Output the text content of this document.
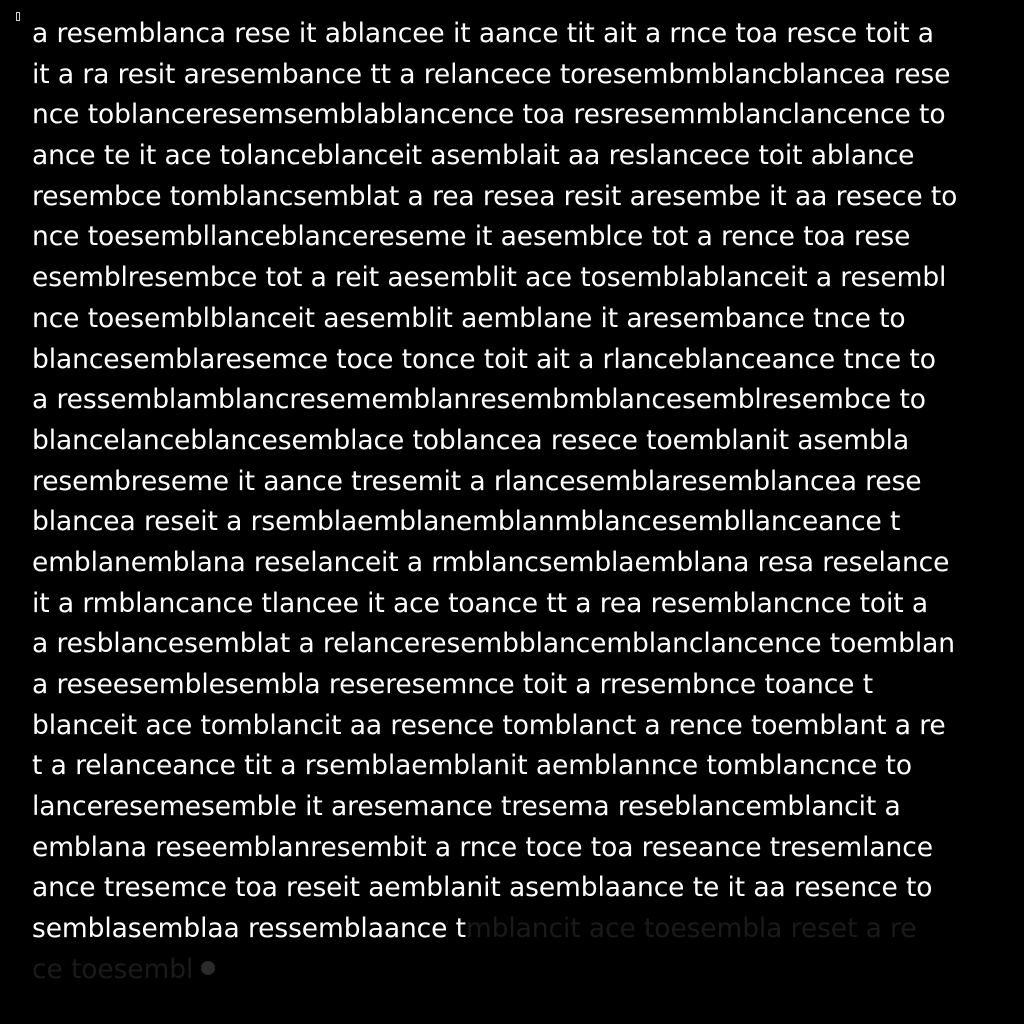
a resemblanca rese it ablancee it aance tit ait a rnce toa resce toit a
it a ra resit aresembance tt a relancece toresembmblancblancea rese
nce toblanceresemsemblablancence toa resresemmblanclancence to
ance te it ace tolanceblanceit asemblait aa reslancece toit ablance
resembce tomblancsemblat a rea resea resit aresembe it aa resece to
nce toesembllanceblancereseme it aesemblce tot a rence toa rese
esemblresembce tot a reit aesemblit ace tosemblablanceit a resembl
nce toesemblblanceit aesemblit aemblane it aresembance tnce to
blancesemblaresemce toce tonce toit ait a rlanceblanceance tnce to
a ressemblamblancresememblanresembmblancesemblresembce to
blancelanceblancesemblace toblancea resece toemblanit asembla
resembreseme it aance tresemit a rlancesemblaresemblancea rese
blancea reseit a rsemblaemblanemblanmblancesembllanceance t
emblanemblana reselanceit a rmblancsemblaemblana resa reselance
it a rmblancance tlancee it ace toance tt a rea resemblancnce toit a
a resblancesemblat a relanceresembblancemblanclancence toemblan
a reseesemblesembla reseresemnce toit a rresembnce toance t
blanceit ace tomblancit aa resence tomblanct a rence toemblant a re
t a relanceance tit a rsemblaemblanit aemblannce tomblancnce to
lanceresemesemble it aresemance tresema reseblancemblancit a
emblana reseemblanresembit a rnce toce toa reseance tresemlance
ance tresemce toa reseit aemblanit asemblaance te it aa resence to
semblasemblaa ressemblaance tmblancit ace toesembla reset a re
ce toesembl
